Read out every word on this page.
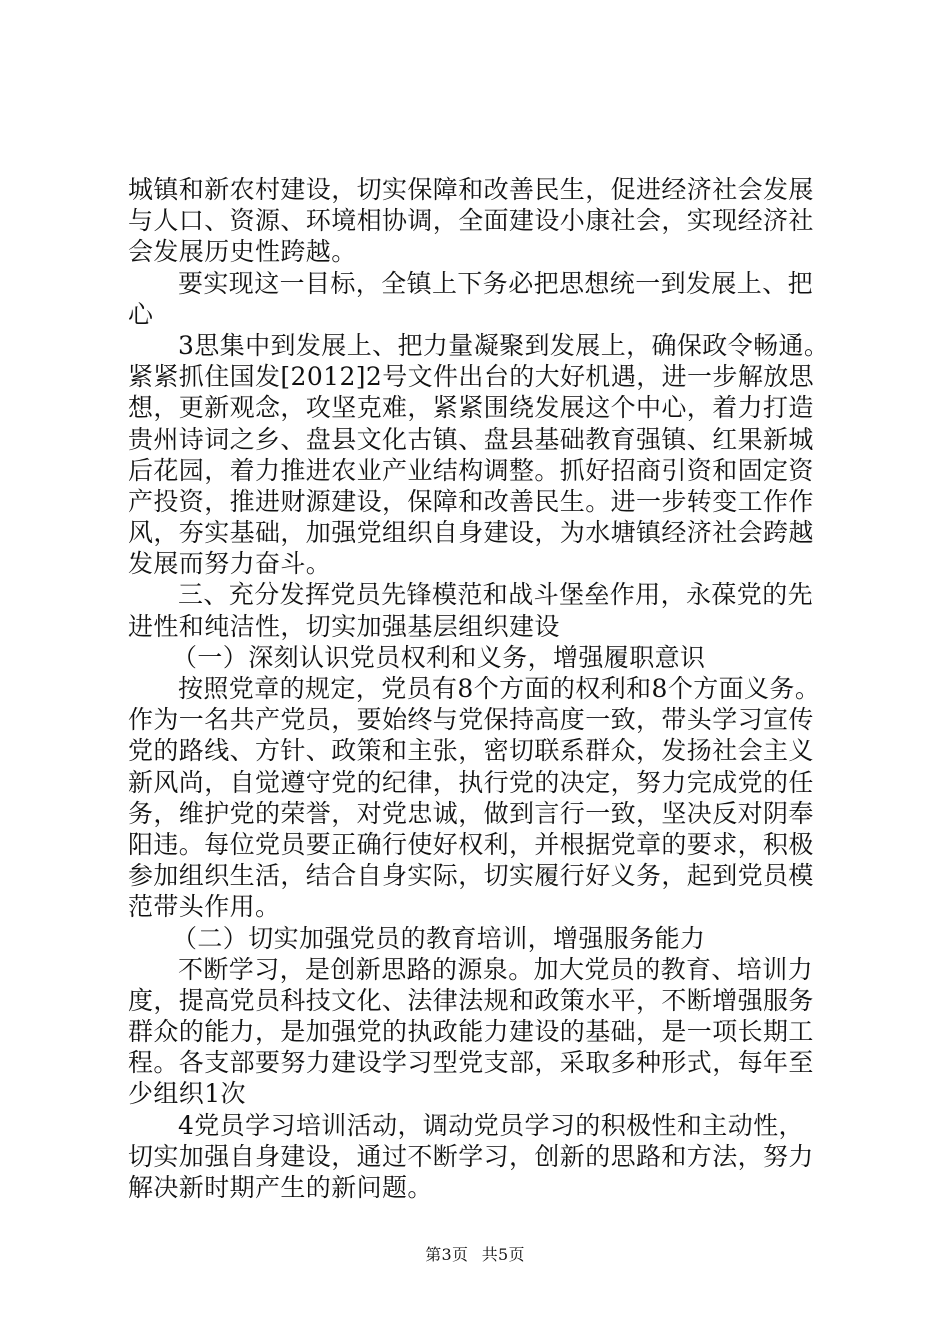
城镇和新农村建设，切实保障和改善民生，促进经济社会发展
与人口、资源、环境相协调，全面建设小康社会，实现经济社
会发展历史性跨越。
要实现这一目标，全镇上下务必把思想统一到发展上、把
心
3思集中到发展上、把力量凝聚到发展上，确保政令畅通。
紧紧抓住国发[2012]2号文件出台的大好机遇，进一步解放思
想，更新观念，攻坚克难，紧紧围绕发展这个中心，着力打造
贵州诗词之乡、盘县文化古镇、盘县基础教育强镇、红果新城
后花园，着力推进农业产业结构调整。抓好招商引资和固定资
产投资，推进财源建设，保障和改善民生。进一步转变工作作
风，夯实基础，加强党组织自身建设，为水塘镇经济社会跨越
发展而努力奋斗。
三、充分发挥党员先锋模范和战斗堡垒作用，永葆党的先
进性和纯洁性，切实加强基层组织建设
（一）深刻认识党员权利和义务，增强履职意识
按照党章的规定，党员有8个方面的权利和8个方面义务。
作为一名共产党员，要始终与党保持高度一致，带头学习宣传
党的路线、方针、政策和主张，密切联系群众，发扬社会主义
新风尚，自觉遵守党的纪律，执行党的决定，努力完成党的任
务，维护党的荣誉，对党忠诚，做到言行一致，坚决反对阴奉
阳违。每位党员要正确行使好权利，并根据党章的要求，积极
参加组织生活，结合自身实际，切实履行好义务，起到党员模
范带头作用。
（二）切实加强党员的教育培训，增强服务能力
不断学习，是创新思路的源泉。加大党员的教育、培训力
度，提高党员科技文化、法律法规和政策水平，不断增强服务
群众的能力，是加强党的执政能力建设的基础，是一项长期工
程。各支部要努力建设学习型党支部，采取多种形式，每年至
少组织1次
4党员学习培训活动，调动党员学习的积极性和主动性，
切实加强自身建设，通过不断学习，创新的思路和方法，努力
解决新时期产生的新问题。
第3页 共5页
